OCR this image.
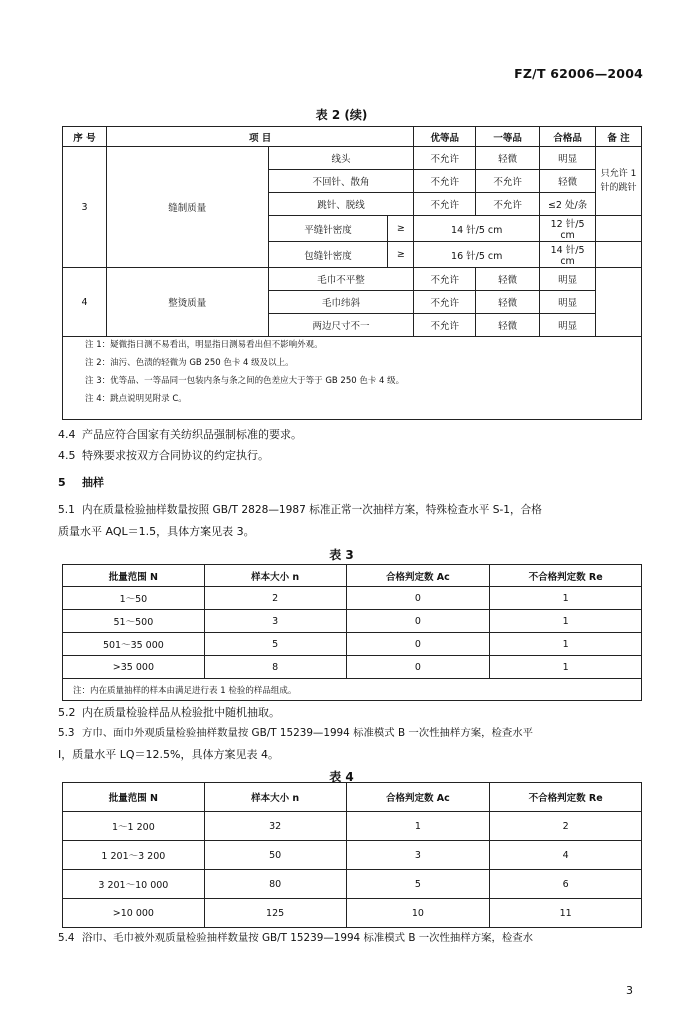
FZ/T 62006—2004
表 2 (续)
序 号	项 目			优等品	一等品	合格品	备 注
3	缝制质量	线头		不允许	轻微	明显	只允许 1 针的跳针
		不回针、散角		不允许	不允许	轻微	
		跳针、脱线		不允许	不允许	≤2 处/条	
		平缝针密度	≥	14 针/5 cm		12 针/5 cm	
		包缝针密度	≥	16 针/5 cm		14 针/5 cm	
4	整烫质量	毛巾不平整		不允许	轻微	明显	
		毛巾纬斜		不允许	轻微	明显	
		两边尺寸不一		不允许	轻微	明显	
注 1：疑微指日测不易看出，明显指日测易看出但不影响外观。
注 2：油污、色渍的轻微为 GB 250 色卡 4 级及以上。
注 3：优等品、一等品同一包装内条与条之间的色差应大于等于 GB 250 色卡 4 级。
注 4：跳点说明见附录 C。
4.4 产品应符合国家有关纺织品强制标准的要求。
4.5 特殊要求按双方合同协议的约定执行。
5 抽样
5.1 内在质量检验抽样数量按照 GB/T 2828—1987 标准正常一次抽样方案，特殊检查水平 S-1，合格
质量水平 AQL＝1.5，具体方案见表 3。
表 3
批量范围 N	样本大小 n	合格判定数 Ac	不合格判定数 Re
1～50	2	0	1
51～500	3	0	1
501～35 000	5	0	1
>35 000	8	0	1
注：内在质量抽样的样本由满足进行表 1 检验的样品组成。			
5.2 内在质量检验样品从检验批中随机抽取。
5.3 方巾、面巾外观质量检验抽样数量按 GB/T 15239—1994 标准模式 B 一次性抽样方案，检查水平
Ⅰ，质量水平 LQ＝12.5%，具体方案见表 4。
表 4
批量范围 N	样本大小 n	合格判定数 Ac	不合格判定数 Re
1～1 200	32	1	2
1 201～3 200	50	3	4
3 201～10 000	80	5	6
>10 000	125	10	11
5.4 浴巾、毛巾被外观质量检验抽样数量按 GB/T 15239—1994 标准模式 B 一次性抽样方案，检查水
3
